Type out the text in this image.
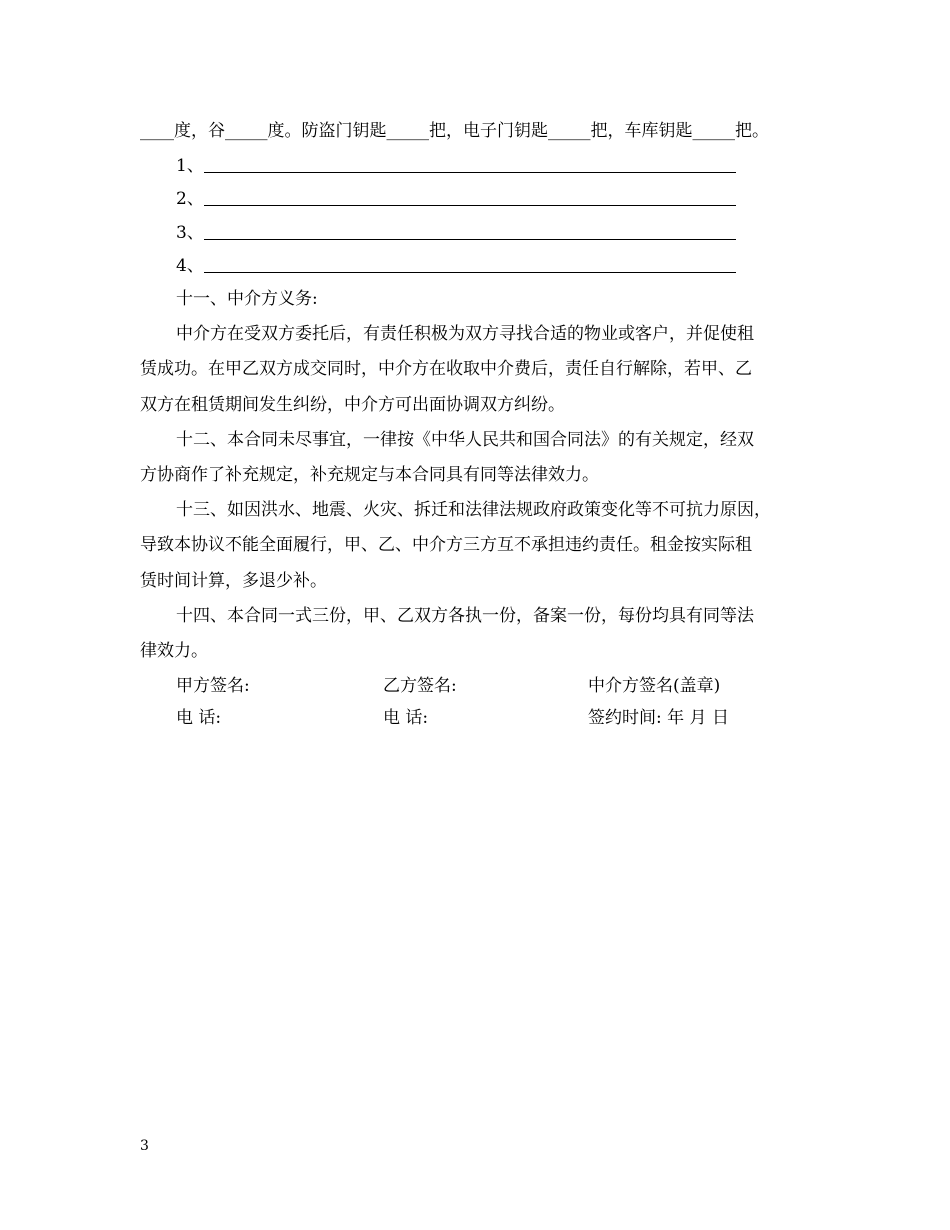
____度，谷_____度。防盗门钥匙_____把，电子门钥匙_____把，车库钥匙_____把。
1、
2、
3、
4、
十一、中介方义务:
中介方在受双方委托后，有责任积极为双方寻找合适的物业或客户，并促使租
赁成功。在甲乙双方成交同时，中介方在收取中介费后，责任自行解除，若甲、乙
双方在租赁期间发生纠纷，中介方可出面协调双方纠纷。
十二、本合同未尽事宜，一律按《中华人民共和国合同法》的有关规定，经双
方协商作了补充规定，补充规定与本合同具有同等法律效力。
十三、如因洪水、地震、火灾、拆迁和法律法规政府政策变化等不可抗力原因，
导致本协议不能全面履行，甲、乙、中介方三方互不承担违约责任。租金按实际租
赁时间计算，多退少补。
十四、本合同一式三份，甲、乙双方各执一份，备案一份，每份均具有同等法
律效力。
甲方签名:	乙方签名:	中介方签名(盖章)
电 话:	电 话:	签约时间: 年 月 日
3
